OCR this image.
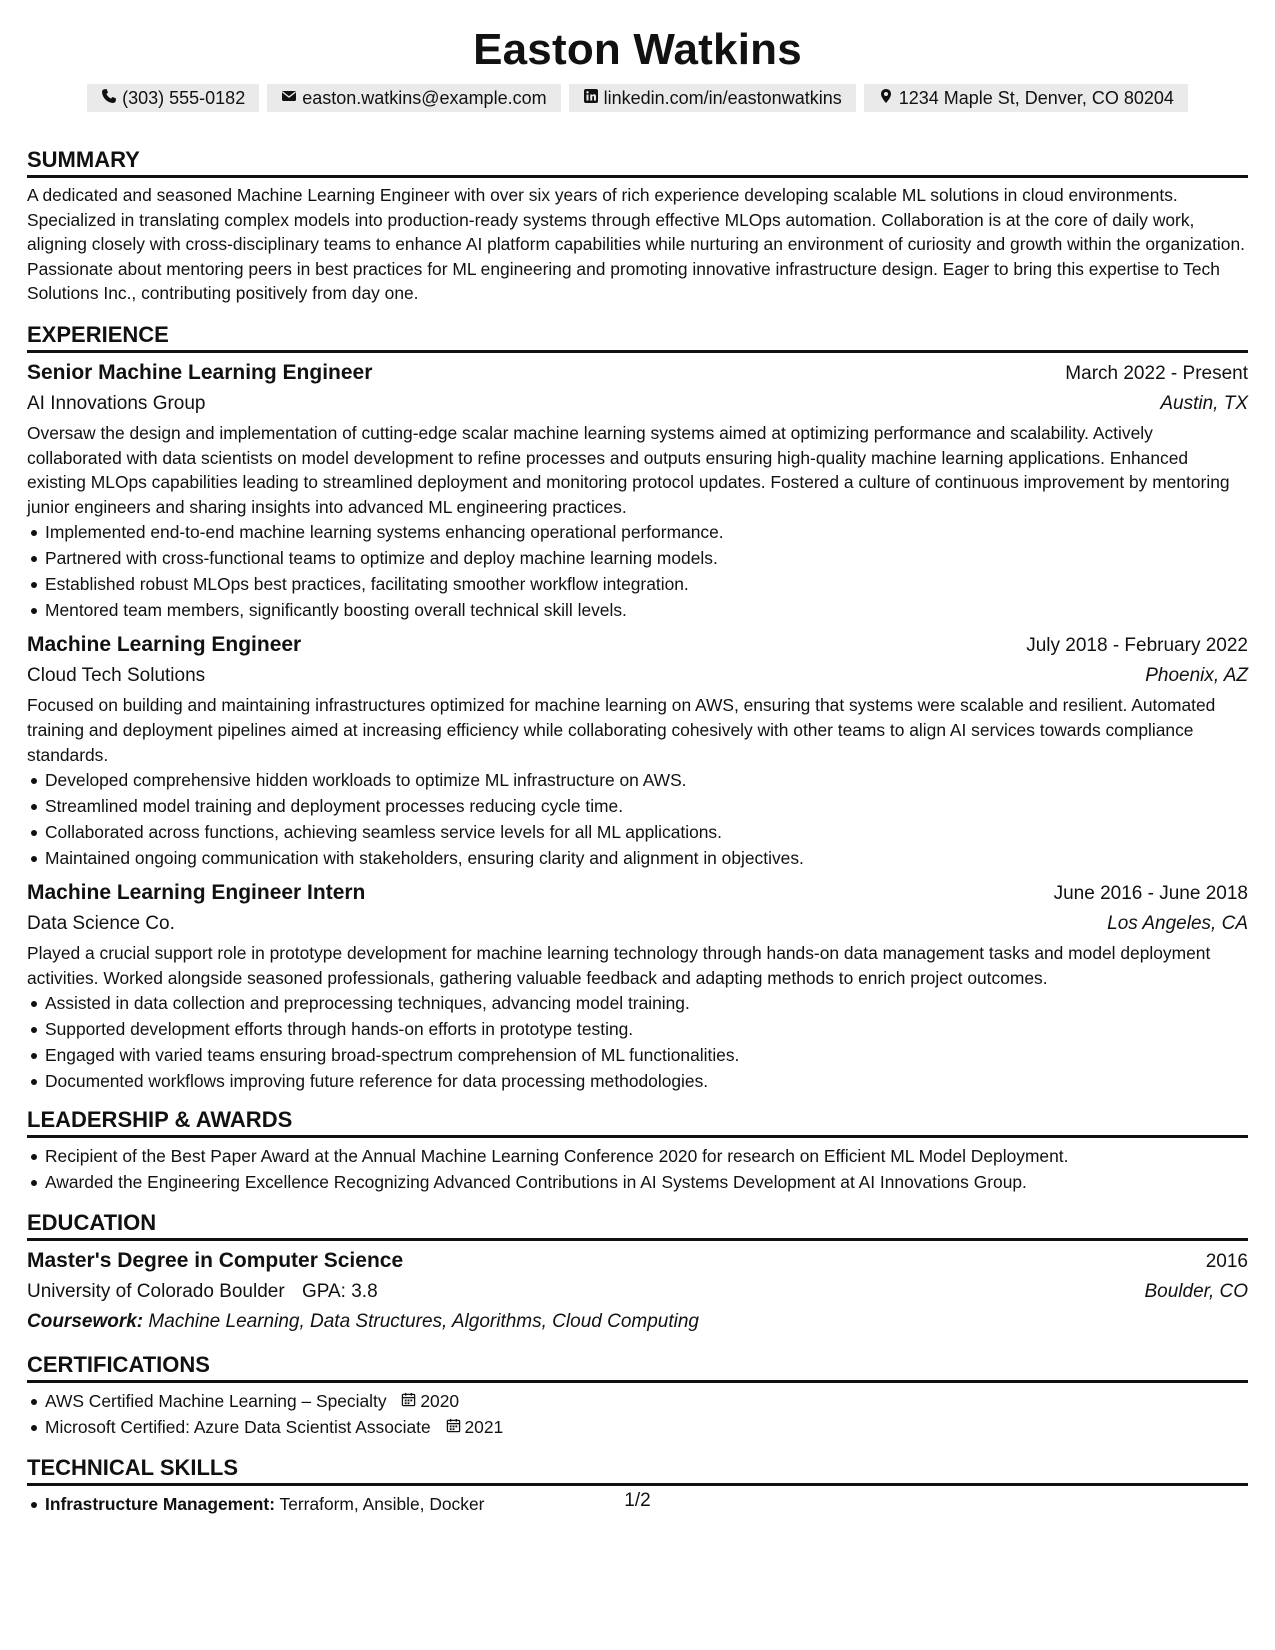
Easton Watkins
(303) 555-0182	easton.watkins@example.com	linkedin.com/in/eastonwatkins	1234 Maple St, Denver, CO 80204
SUMMARY

A dedicated and seasoned Machine Learning Engineer with over six years of rich experience developing scalable ML solutions in cloud environments. Specialized in translating complex models into production-ready systems through effective MLOps automation. Collaboration is at the core of daily work, aligning closely with cross-disciplinary teams to enhance AI platform capabilities while nurturing an environment of curiosity and growth within the organization. Passionate about mentoring peers in best practices for ML engineering and promoting innovative infrastructure design. Eager to bring this expertise to Tech Solutions Inc., contributing positively from day one.

EXPERIENCE
Senior Machine Learning Engineer	March 2022 - Present
AI Innovations Group	Austin, TX

Oversaw the design and implementation of cutting-edge scalar machine learning systems aimed at optimizing performance and scalability. Actively collaborated with data scientists on model development to refine processes and outputs ensuring high-quality machine learning applications. Enhanced existing MLOps capabilities leading to streamlined deployment and monitoring protocol updates. Fostered a culture of continuous improvement by mentoring junior engineers and sharing insights into advanced ML engineering practices.

Implemented end-to-end machine learning systems enhancing operational performance.
Partnered with cross-functional teams to optimize and deploy machine learning models.
Established robust MLOps best practices, facilitating smoother workflow integration.
Mentored team members, significantly boosting overall technical skill levels.
Machine Learning Engineer	July 2018 - February 2022
Cloud Tech Solutions	Phoenix, AZ

Focused on building and maintaining infrastructures optimized for machine learning on AWS, ensuring that systems were scalable and resilient. Automated training and deployment pipelines aimed at increasing efficiency while collaborating cohesively with other teams to align AI services towards compliance standards.

Developed comprehensive hidden workloads to optimize ML infrastructure on AWS.
Streamlined model training and deployment processes reducing cycle time.
Collaborated across functions, achieving seamless service levels for all ML applications.
Maintained ongoing communication with stakeholders, ensuring clarity and alignment in objectives.
Machine Learning Engineer Intern	June 2016 - June 2018
Data Science Co.	Los Angeles, CA

Played a crucial support role in prototype development for machine learning technology through hands-on data management tasks and model deployment activities. Worked alongside seasoned professionals, gathering valuable feedback and adapting methods to enrich project outcomes.

Assisted in data collection and preprocessing techniques, advancing model training.
Supported development efforts through hands-on efforts in prototype testing.
Engaged with varied teams ensuring broad-spectrum comprehension of ML functionalities.
Documented workflows improving future reference for data processing methodologies.
LEADERSHIP & AWARDS
Recipient of the Best Paper Award at the Annual Machine Learning Conference 2020 for research on Efficient ML Model Deployment.
Awarded the Engineering Excellence Recognizing Advanced Contributions in AI Systems Development at AI Innovations Group.
EDUCATION
Master's Degree in Computer Science	2016
University of Colorado Boulder GPA: 3.8	Boulder, CO
Coursework: Machine Learning, Data Structures, Algorithms, Cloud Computing
CERTIFICATIONS
AWS Certified Machine Learning – Specialty 2020
Microsoft Certified: Azure Data Scientist Associate 2021
TECHNICAL SKILLS
Infrastructure Management: Terraform, Ansible, Docker	1/2
